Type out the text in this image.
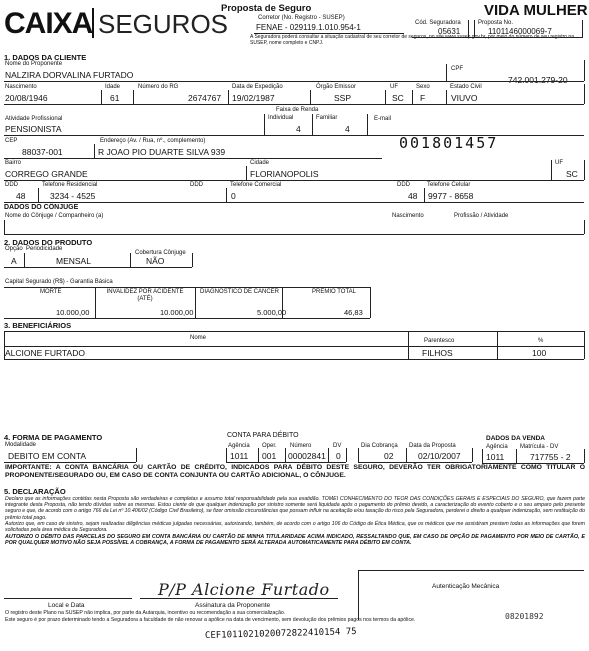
CAIXA SEGUROS
Proposta de Seguro
Corretor (No. Registro - SUSEP)
FENAE - 029119.1.010.954-1
A Seguradora poderá consultar a situação cadastral de seu corretor de seguros, no site www.susep.gov.br, por meio do número de seu registro na SUSEP, nome completo e CNPJ.
VIDA MULHER
Cód. Seguradora
05631
Proposta No.
1101146000069-7
1. DADOS DA CLIENTE
Nome do Proponente
NALZIRA DORVALINA FURTADO
CPF
742.001.279-20
Nascimento
20/08/1946
Idade
61
Número do RG
2674767
Data de Expedição
19/02/1987
Órgão Emissor
SSP
UF
SC
Sexo
F
Estado Civil
VIUVO
Faixa de Renda
Individual	Familiar
4	4
Atividade Profissional
PENSIONISTA
E-mail
001801457
CEP
88037-001
Endereço (Av. / Rua, nº., complemento)
R JOAO PIO DUARTE SILVA 939
Bairro
CORREGO GRANDE
Cidade
FLORIANOPOLIS
UF
SC
DDD
48
Telefone Residencial
3234 - 4525
DDD	Telefone Comercial
0
DDD
48
Telefone Celular
9977 - 8658
DADOS DO CÔNJUGE
Nome do Cônjuge / Companheiro (a)	Nascimento	Profissão / Atividade
2. DADOS DO PRODUTO
Opção Periodicidade
Cobertura Cônjuge
A	MENSAL	NÃO
Capital Segurado (R$) - Garantia Básica
MORTE	INVALIDEZ POR ACIDENTE (ATÉ)
DIAGNOSTICO DE CANCER	PREMIO TOTAL
10.000,00	10.000,00	5.000,00	46,83
3. BENEFICIÁRIOS
Nome	Parentesco	%
ALCIONE FURTADO	FILHOS	100
4. FORMA DE PAGAMENTO
Modalidade
DEBITO EM CONTA
CONTA PARA DÉBITO
Agência Oper. Número	DV
1011 001 00002841 0
Dia Cobrança
02
Data da Proposta
02/10/2007
DADOS DA VENDA
Agência Matrícula - DV
1011	717755 - 2
IMPORTANTE: A CONTA BANCÁRIA OU CARTÃO DE CRÉDITO, INDICADOS PARA DÉBITO DESTE SEGURO, DEVERÃO TER OBRIGATORIAMENTE COMO TITULAR O PROPONENTE/SEGURADO OU, EM CASO DE CONTA CONJUNTA OU CARTÃO ADICIONAL, O CÔNJUGE.
5. DECLARAÇÃO
Declaro que as informações contidas nesta Proposta são verdadeiras e completas e assumo total responsabilidade pela sua exatidão. TOMEI CONHECIMENTO DO TEOR DAS CONDIÇÕES GERAIS E ESPECIAIS DO SEGURO, que fazem parte integrante desta Proposta, não tendo dúvidas sobre as mesmas. Estou ciente de que qualquer indenização por sinistro somente será liquidada após o pagamento do prêmio devido, a caracterização do evento coberto e o seu amparo pelo presente seguro e que, de acordo com o artigo 766 da Lei nº 10.406/02 (Código Civil Brasileiro), se fizer omissão circunstâncias que possam influir na aceitação e/ou taxação do risco pela Seguradora, perderei o direito a qualquer indenização, sem restituição do prêmio total pago.
Autorizo que, em caso de sinistro, sejam realizadas diligências médicas julgadas necessárias, autorizando, também, de acordo com o artigo 106 do Código de Ética Médica, que os médicos que me assistiram prestem todas as informações que forem solicitadas pela área médica da Seguradora.
AUTORIZO O DÉBITO DAS PARCELAS DO SEGURO EM CONTA BANCÁRIA OU CARTÃO DE MINHA TITULARIDADE ACIMA INDICADO, RESSALTANDO QUE, EM CASO DE OPÇÃO DE PAGAMENTO POR MEIO DE CARTÃO, E POR QUALQUER MOTIVO NÃO SEJA POSSÍVEL A COBRANÇA, A FORMA DE PAGAMENTO SERÁ ALTERADA AUTOMATICAMENTE PARA DÉBITO EM CONTA.
P/P Alcione Furtado
Local e Data	Assinatura da Proponente
Autenticação Mecânica
O registro deste Plano na SUSEP não implica, por parte da Autarquia, incentivo ou recomendação a sua comercialização.
Este seguro é por prazo determinado tendo a Seguradora a faculdade de não renovar a apólice na data de vencimento, sem devolução dos prêmios pagos nos termos da apólice.	08201892
CEF1011021020072822410154 75
